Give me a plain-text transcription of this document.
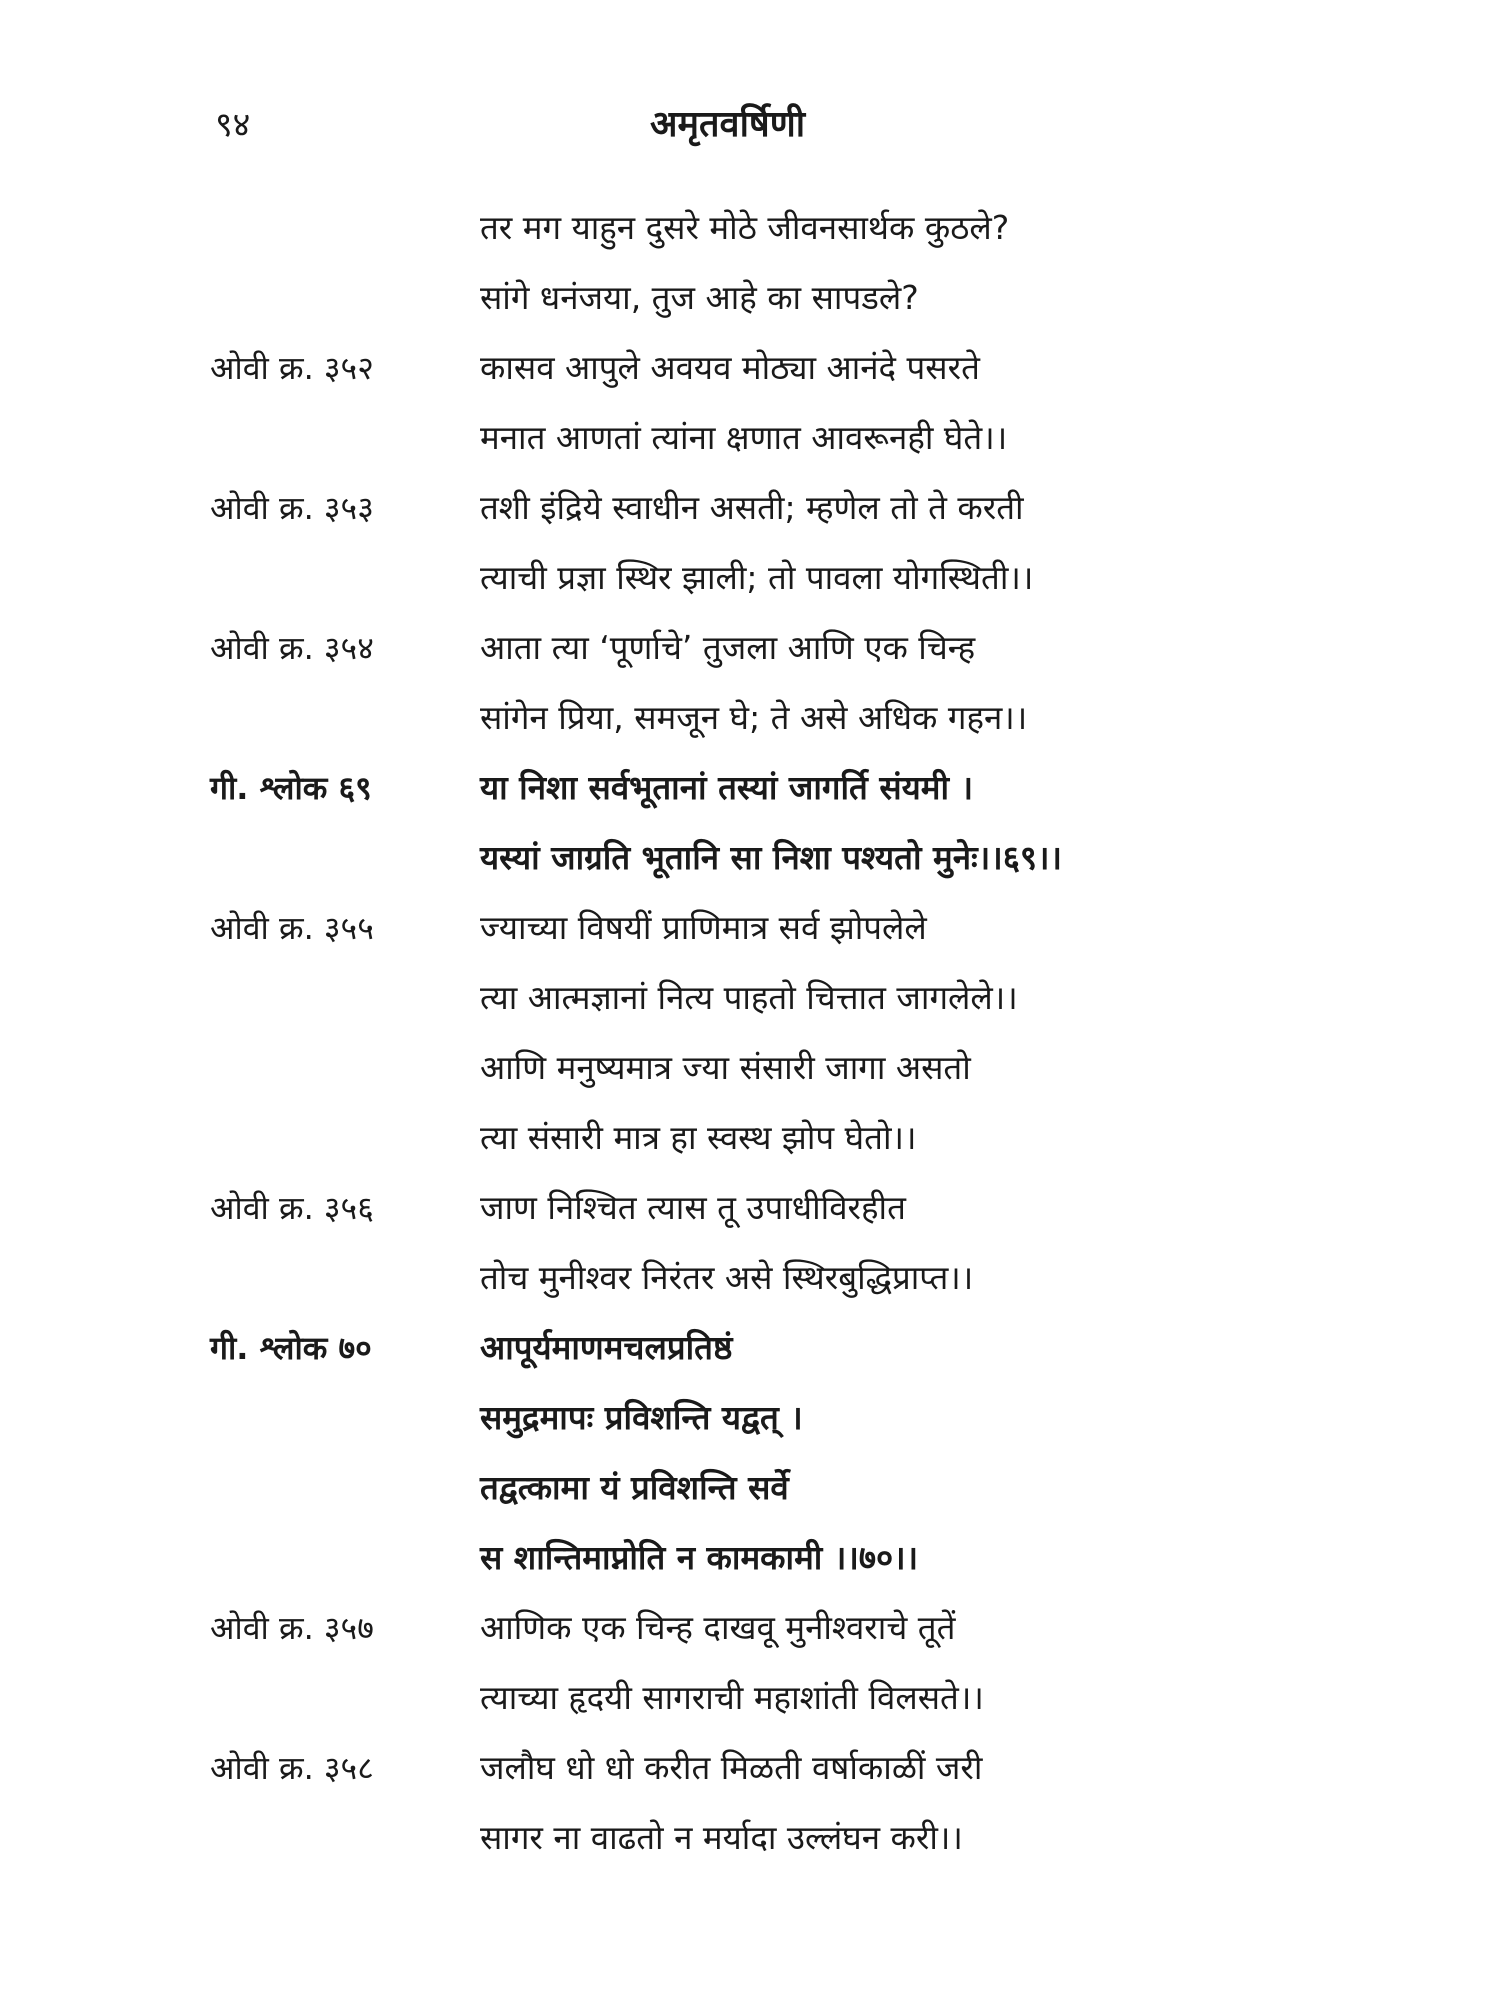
९४	अमृतवर्षिणी
तर मग याहुन दुसरे मोठे जीवनसार्थक कुठले?
सांगे धनंजया, तुज आहे का सापडले?
ओवी क्र. ३५२	कासव आपुले अवयव मोठ्या आनंदे पसरते
मनात आणतां त्यांना क्षणात आवरूनही घेते।।
ओवी क्र. ३५३	तशी इंद्रिये स्वाधीन असती; म्हणेल तो ते करती
त्याची प्रज्ञा स्थिर झाली; तो पावला योगस्थिती।।
ओवी क्र. ३५४	आता त्या ‘पूर्णाचे’ तुजला आणि एक चिन्ह
सांगेन प्रिया, समजून घे; ते असे अधिक गहन।।
गी. श्लोक ६९	या निशा सर्वभूतानां तस्यां जागर्ति संयमी ।
यस्यां जाग्रति भूतानि सा निशा पश्यतो मुनेः।।६९।।
ओवी क्र. ३५५	ज्याच्या विषयीं प्राणिमात्र सर्व झोपलेले
त्या आत्मज्ञानां नित्य पाहतो चित्तात जागलेले।।
आणि मनुष्यमात्र ज्या संसारी जागा असतो
त्या संसारी मात्र हा स्वस्थ झोप घेतो।।
ओवी क्र. ३५६	जाण निश्चित त्यास तू उपाधीविरहीत
तोच मुनीश्वर निरंतर असे स्थिरबुद्धिप्राप्त।।
गी. श्लोक ७०	आपूर्यमाणमचलप्रतिष्ठं
समुद्रमापः प्रविशन्ति यद्वत् ।
तद्वत्कामा यं प्रविशन्ति सर्वे
स शान्तिमाप्नोति न कामकामी ।।७०।।
ओवी क्र. ३५७	आणिक एक चिन्ह दाखवू मुनीश्वराचे तूतें
त्याच्या हृदयी सागराची महाशांती विलसते।।
ओवी क्र. ३५८	जलौघ धो धो करीत मिळती वर्षाकाळीं जरी
सागर ना वाढतो न मर्यादा उल्लंघन करी।।
